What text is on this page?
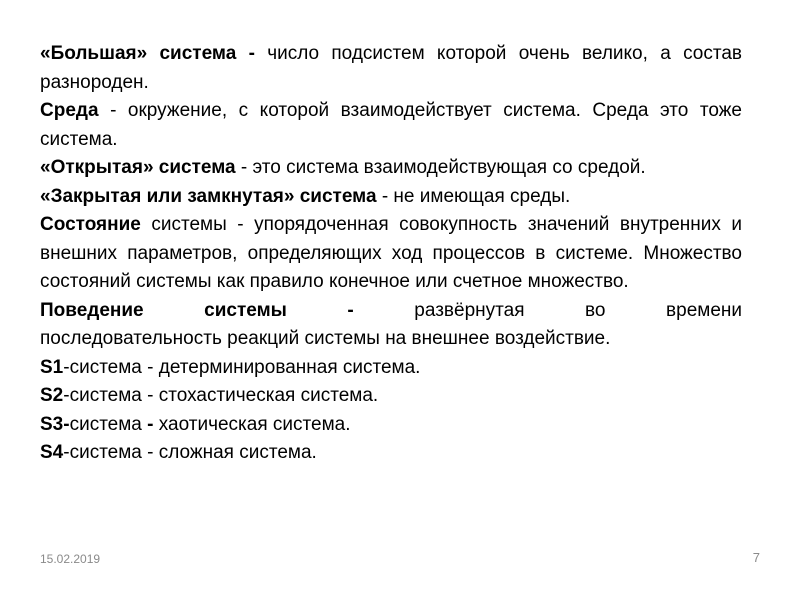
«Большая» система - число подсистем которой очень велико, а состав разнороден.

Среда - окружение, с которой взаимодействует система. Среда это тоже система.

«Открытая» система - это система взаимодействующая со средой.

«Закрытая или замкнутая» система - не имеющая среды.

Состояние системы - упорядоченная совокупность значений внутренних и внешних параметров, определяющих ход процессов в системе. Множество состояний системы как правило конечное или счетное множество.

Поведение системы - развёрнутая во времени

последовательность реакций системы на внешнее воздействие.

S1-система - детерминированная система.

S2-система - стохастическая система.

S3-система - хаотическая система.

S4-система - сложная система.

15.02.2019	7
